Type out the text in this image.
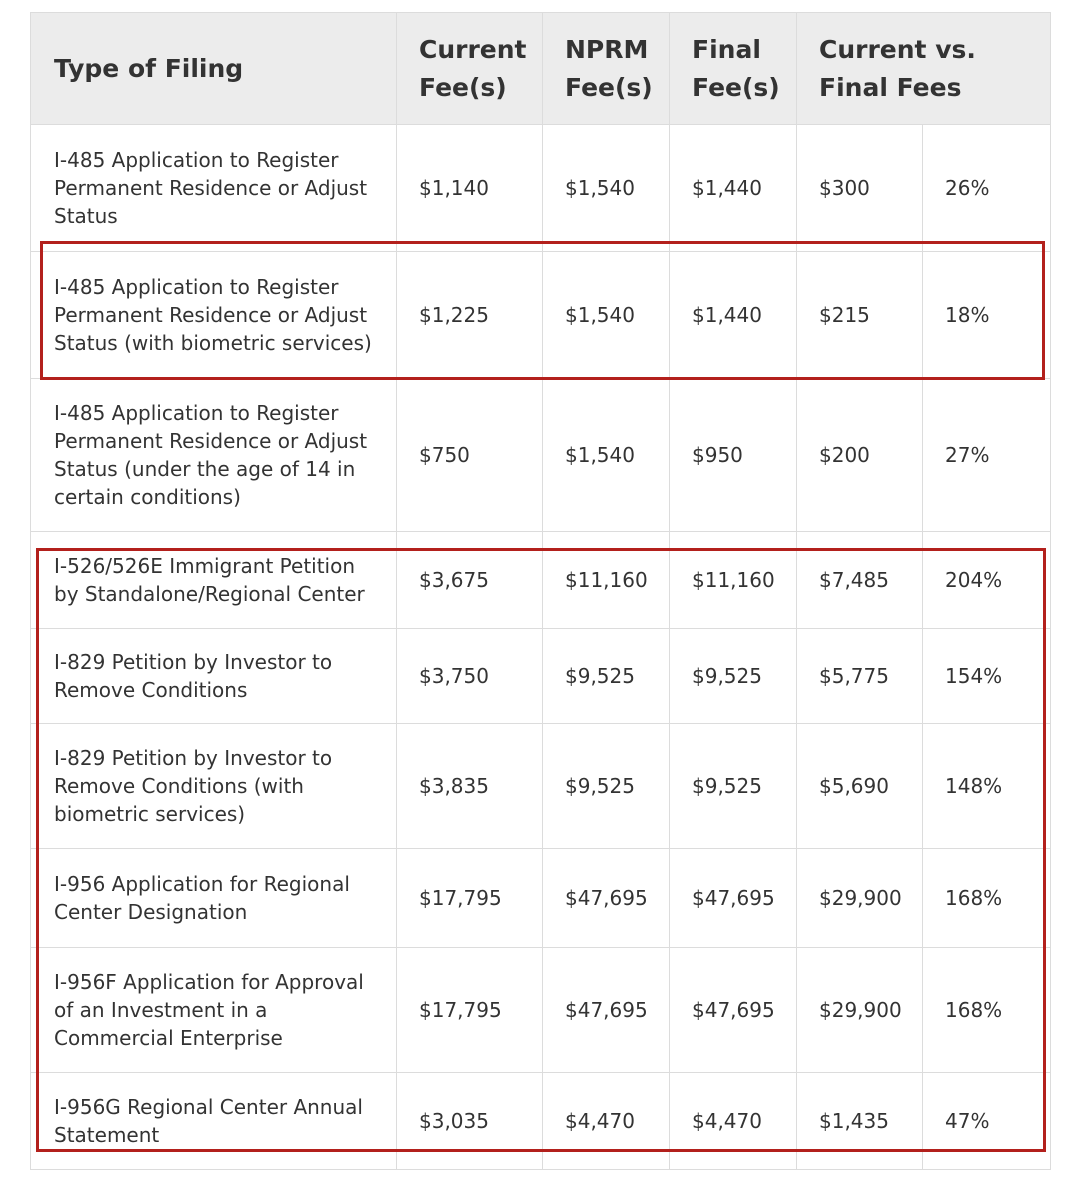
Type of Filing	Current Fee(s)	NPRM Fee(s)	Final Fee(s)	Current vs. Final Fees	
I-485 Application to Register Permanent Residence or Adjust Status	$1,140	$1,540	$1,440	$300	26%
I-485 Application to Register Permanent Residence or Adjust Status (with biometric services)	$1,225	$1,540	$1,440	$215	18%
I-485 Application to Register Permanent Residence or Adjust Status (under the age of 14 in certain conditions)	$750	$1,540	$950	$200	27%
I-526/526E Immigrant Petition by Standalone/Regional Center	$3,675	$11,160	$11,160	$7,485	204%
I-829 Petition by Investor to Remove Conditions	$3,750	$9,525	$9,525	$5,775	154%
I-829 Petition by Investor to Remove Conditions (with biometric services)	$3,835	$9,525	$9,525	$5,690	148%
I-956 Application for Regional Center Designation	$17,795	$47,695	$47,695	$29,900	168%
I-956F Application for Approval of an Investment in a Commercial Enterprise	$17,795	$47,695	$47,695	$29,900	168%
I-956G Regional Center Annual Statement	$3,035	$4,470	$4,470	$1,435	47%
